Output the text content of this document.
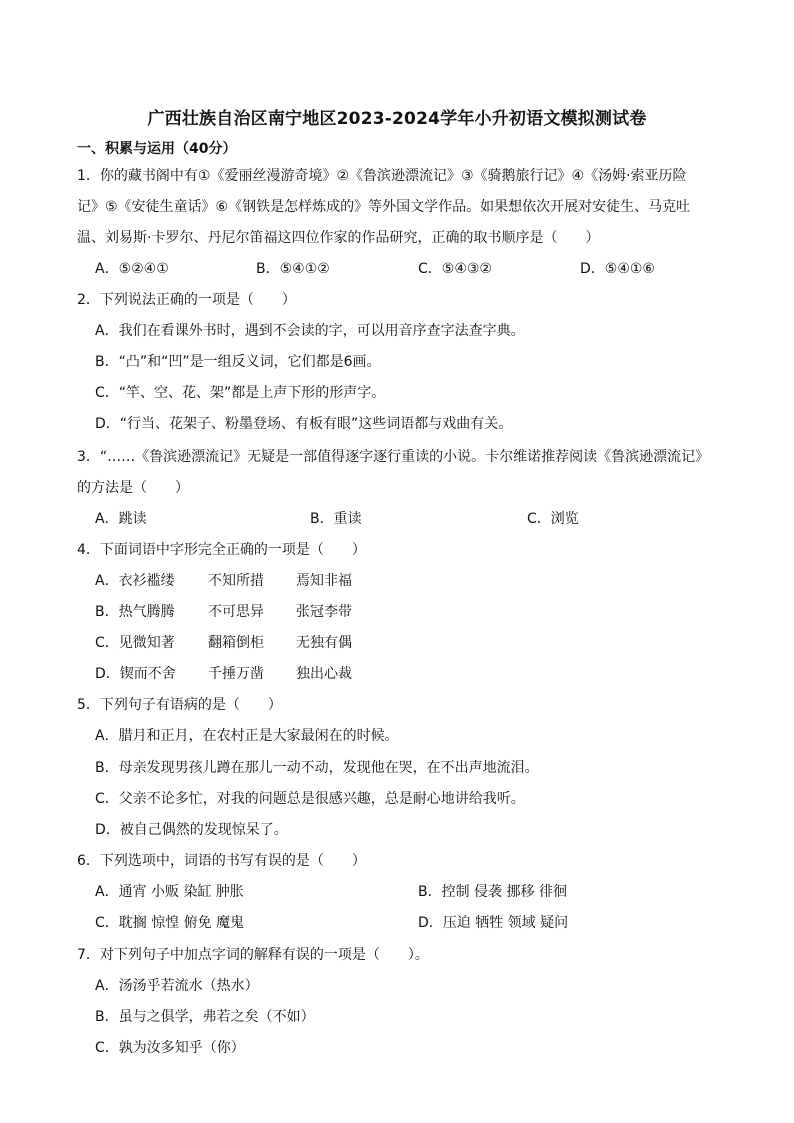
广西壮族自治区南宁地区2023-2024学年小升初语文模拟测试卷
一、积累与运用（40分）
1．你的藏书阁中有①《爱丽丝漫游奇境》②《鲁滨逊漂流记》③《骑鹅旅行记》④《汤姆·索亚历险
记》⑤《安徒生童话》⑥《钢铁是怎样炼成的》等外国文学作品。如果想依次开展对安徒生、马克吐
温、刘易斯·卡罗尔、丹尼尔笛福这四位作家的作品研究，正确的取书顺序是（　　）
A．⑤②④①	B．⑤④①②	C．⑤④③②	D．⑤④①⑥
2．下列说法正确的一项是（　　）
A．我们在看课外书时，遇到不会读的字，可以用音序查字法查字典。
B．“凸”和“凹”是一组反义词，它们都是6画。
C．“竿、空、花、架”都是上声下形的形声字。
D．“行当、花架子、粉墨登场、有板有眼”这些词语都与戏曲有关。
3．“……《鲁滨逊漂流记》无疑是一部值得逐字逐行重读的小说。卡尔维诺推荐阅读《鲁滨逊漂流记》
的方法是（　　）
A．跳读	B．重读	C．浏览
4．下面词语中字形完全正确的一项是（　　）
A．衣衫褴缕 不知所措 焉知非福
B．热气腾腾 不可思异 张冠李带
C．见微知著 翻箱倒柜 无独有偶
D．锲而不舍 千捶万凿 独出心裁
5．下列句子有语病的是（　　）
A．腊月和正月，在农村正是大家最闲在的时候。
B．母亲发现男孩儿蹲在那儿一动不动，发现他在哭，在不出声地流泪。
C．父亲不论多忙，对我的问题总是很感兴趣，总是耐心地讲给我听。
D．被自己偶然的发现惊呆了。
6．下列选项中，词语的书写有误的是（　　）
A．通宵 小贩 染缸 肿胀	B．控制 侵袭 挪移 徘徊
C．耽搁 惊惶 俯免 魔鬼	D．压迫 牺牲 领域 疑问
7．对下列句子中加点字词的解释有误的一项是（　　）。
A．汤汤乎若流水（热水）
B．虽与之俱学，弗若之矣（不如）
C．孰为汝多知乎（你）
